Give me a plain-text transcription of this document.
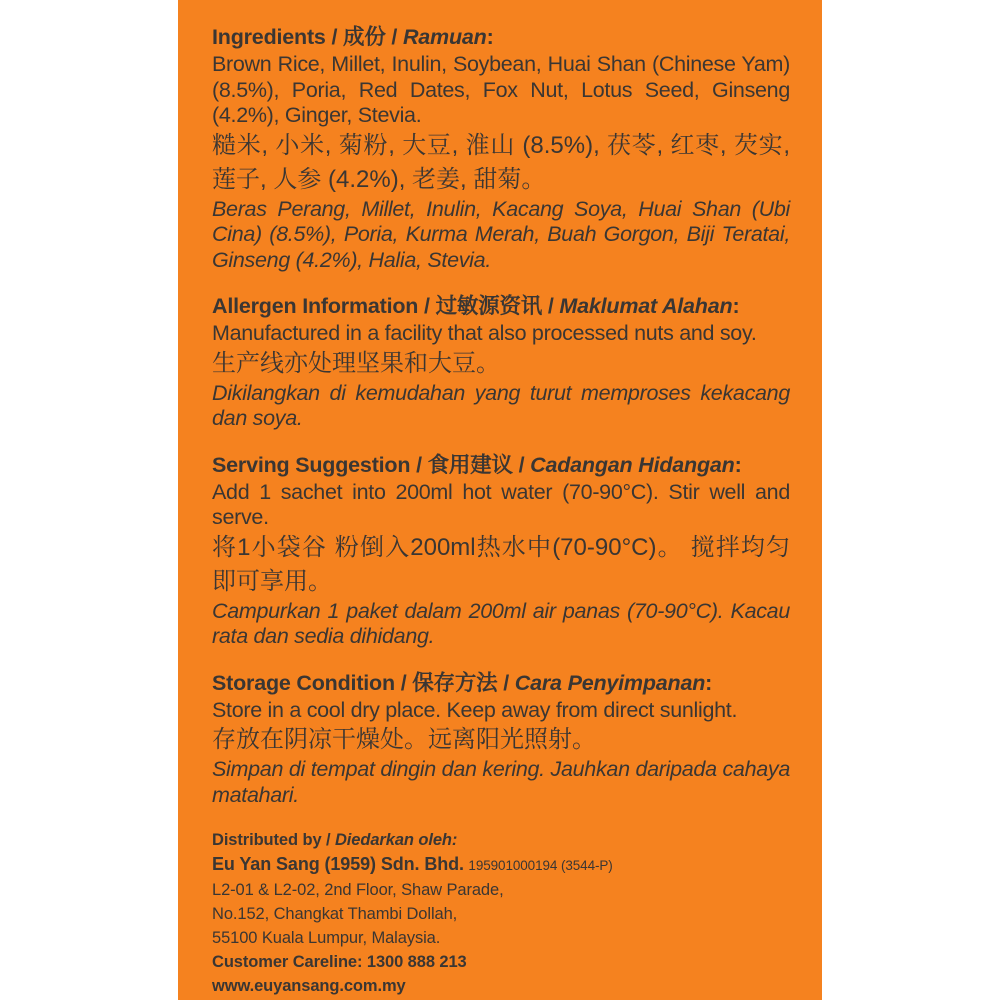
Ingredients / 成份 / Ramuan:

Brown Rice, Millet, Inulin, Soybean, Huai Shan (Chinese Yam) (8.5%), Poria, Red Dates, Fox Nut, Lotus Seed, Ginseng (4.2%), Ginger, Stevia.

糙米, 小米, 菊粉, 大豆, 淮山 (8.5%), 茯苓, 红枣, 芡实, 莲子, 人参 (4.2%), 老姜, 甜菊。

Beras Perang, Millet, Inulin, Kacang Soya, Huai Shan (Ubi Cina) (8.5%), Poria, Kurma Merah, Buah Gorgon, Biji Teratai, Ginseng (4.2%), Halia, Stevia.

Allergen Information / 过敏源资讯 / Maklumat Alahan:

Manufactured in a facility that also processed nuts and soy.

生产线亦处理坚果和大豆。

Dikilangkan di kemudahan yang turut memproses kekacang dan soya.

Serving Suggestion / 食用建议 / Cadangan Hidangan:

Add 1 sachet into 200ml hot water (70-90°C). Stir well and serve.

将1小袋谷 粉倒入200ml热水中(70-90°C)。 搅拌均匀即可享用。

Campurkan 1 paket dalam 200ml air panas (70-90°C). Kacau rata dan sedia dihidang.

Storage Condition / 保存方法 / Cara Penyimpanan:

Store in a cool dry place. Keep away from direct sunlight.

存放在阴凉干燥处。远离阳光照射。

Simpan di tempat dingin dan kering. Jauhkan daripada cahaya matahari.

Distributed by / Diedarkan oleh:

Eu Yan Sang (1959) Sdn. Bhd. 195901000194 (3544-P)

L2-01 & L2-02, 2nd Floor, Shaw Parade,

No.152, Changkat Thambi Dollah,

55100 Kuala Lumpur, Malaysia.

Customer Careline: 1300 888 213

www.euyansang.com.my
